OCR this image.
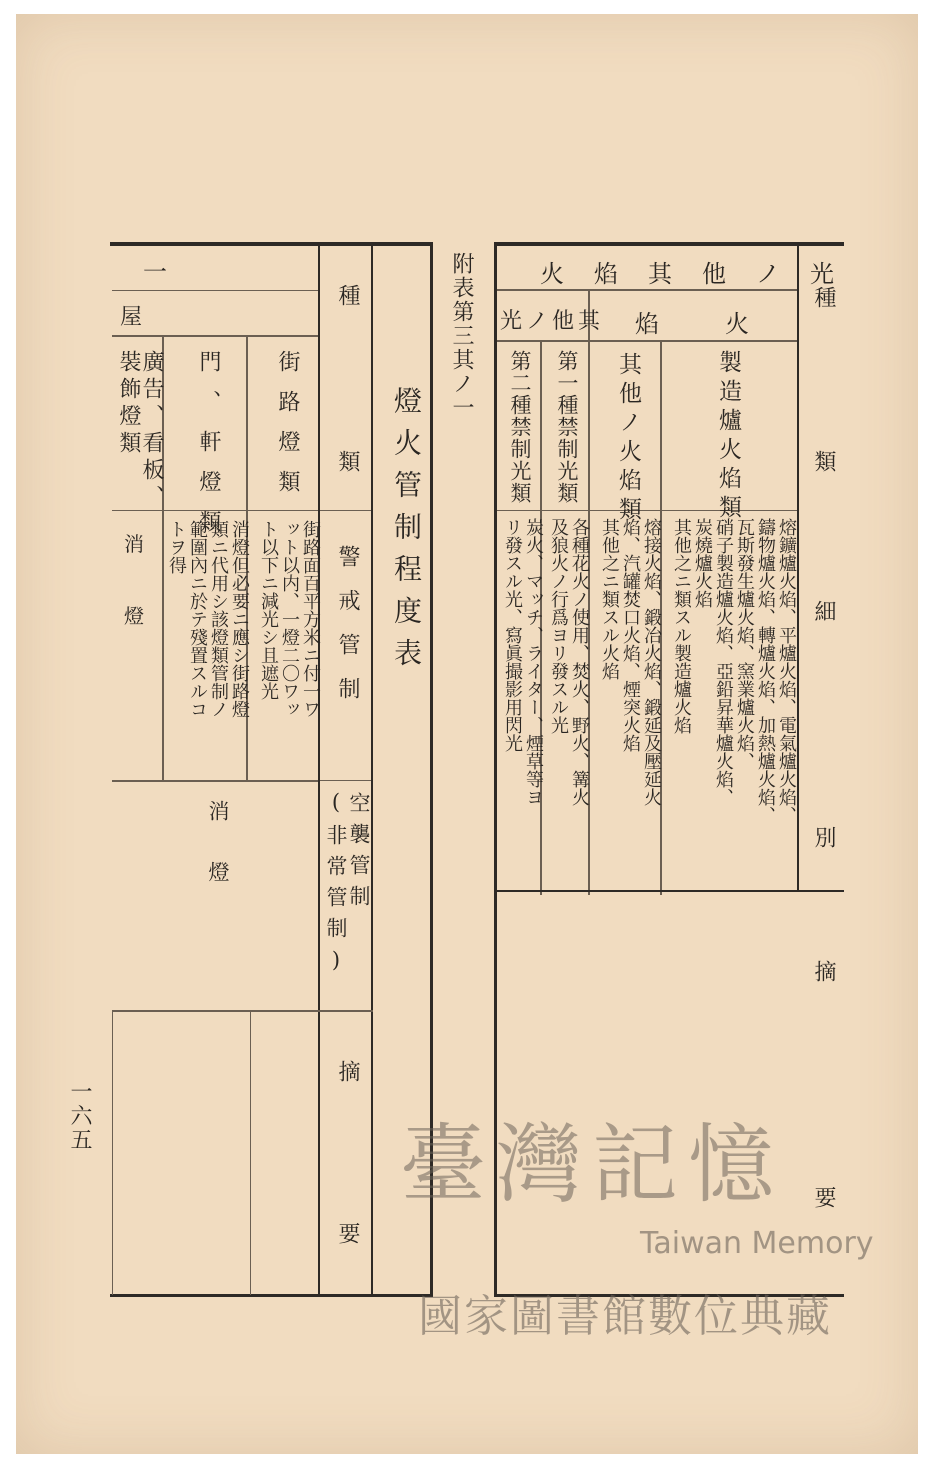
種
類
細
別
摘
要
火焰其他ノ光
火
焰
其他ノ光
製造爐火焰類
其他ノ火焰類
第一種禁制光類
第二種禁制光類
熔鑛爐火焰、平爐火焰、電氣爐火焰、
鑄物爐火焰、轉爐火焰、加熱爐火焰、
瓦斯發生爐火焰、窯業爐火焰、
硝子製造爐火焰、亞鉛昇華爐火焰、
炭燒爐火焰
其他之ニ類スル製造爐火焰
熔接火焰、鍛冶火焰、鍛延及壓延火
焰、汽罐焚口火焰、煙突火焰
其他之ニ類スル火焰
各種花火ノ使用、焚火、野火、篝火
及狼火ノ行爲ヨリ發スル光
炭火、マッチ、ライター、煙草等ヨ
リ發スル光、寫眞撮影用閃光
附表第三其ノ一
燈火管制程度表
種
類
警戒管制
空襲管制
(非常管制)
摘
要
一
屋
街路燈類
門、軒燈類
廣告、看板、
裝飾燈類
街路面百平方米ニ付一ワ
ット以内、一燈二〇ワッ
ト以下ニ減光シ且遮光
消燈但必要ニ應シ街路燈
類ニ代用シ該燈類管制ノ
範圍內ニ於テ殘置スルコ
トヲ得
消
燈
消燈
一六五	臺灣記憶
Taiwan Memory
國家圖書館數位典藏
